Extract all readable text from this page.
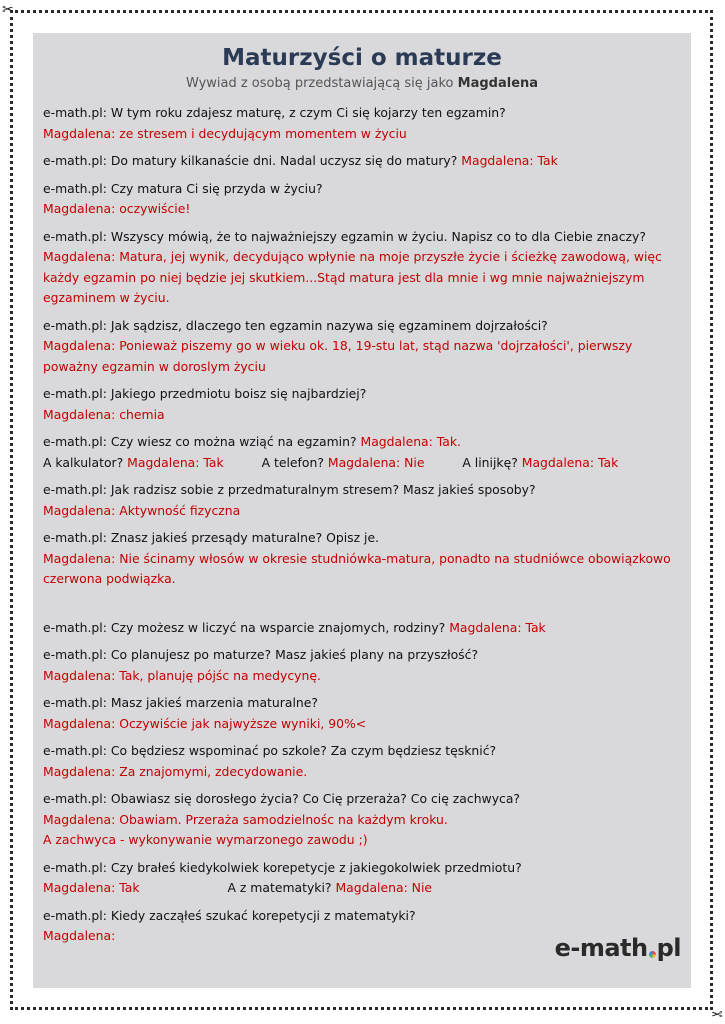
✂
✂
Maturzyści o maturze
Wywiad z osobą przedstawiającą się jako Magdalena
e-math.pl: W tym roku zdajesz maturę, z czym Ci się kojarzy ten egzamin?
Magdalena: ze stresem i decydującym momentem w życiu
e-math.pl: Do matury kilkanaście dni. Nadal uczysz się do matury? Magdalena: Tak
e-math.pl: Czy matura Ci się przyda w życiu?
Magdalena: oczywiście!
e-math.pl: Wszyscy mówią, że to najważniejszy egzamin w życiu. Napisz co to dla Ciebie znaczy?
Magdalena: Matura, jej wynik, decydująco wpłynie na moje przyszłe życie i ścieżkę zawodową, więc każdy egzamin po niej będzie jej skutkiem...Stąd matura jest dla mnie i wg mnie najważniejszym egzaminem w życiu.
e-math.pl: Jak sądzisz, dlaczego ten egzamin nazywa się egzaminem dojrzałości?
Magdalena: Ponieważ piszemy go w wieku ok. 18, 19-stu lat, stąd nazwa 'dojrzałości', pierwszy poważny egzamin w doroslym życiu
e-math.pl: Jakiego przedmiotu boisz się najbardziej?
Magdalena: chemia
e-math.pl: Czy wiesz co można wziąć na egzamin? Magdalena: Tak.
A kalkulator? Magdalena: Tak	A telefon? Magdalena: Nie	A linijkę? Magdalena: Tak
e-math.pl: Jak radzisz sobie z przedmaturalnym stresem? Masz jakieś sposoby?
Magdalena: Aktywność fizyczna
e-math.pl: Znasz jakieś przesądy maturalne? Opisz je.
Magdalena: Nie ścinamy włosów w okresie studniówka-matura, ponadto na studniówce obowiązkowo czerwona podwiązka.
e-math.pl: Czy możesz w liczyć na wsparcie znajomych, rodziny? Magdalena: Tak
e-math.pl: Co planujesz po maturze? Masz jakieś plany na przyszłość?
Magdalena: Tak, planuję pójśc na medycynę.
e-math.pl: Masz jakieś marzenia maturalne?
Magdalena: Oczywiście jak najwyższe wyniki, 90%<
e-math.pl: Co będziesz wspominać po szkole? Za czym będziesz tęsknić?
Magdalena: Za znajomymi, zdecydowanie.
e-math.pl: Obawiasz się dorosłego życia? Co Cię przeraża? Co cię zachwyca?
Magdalena: Obawiam. Przeraża samodzielnośc na każdym kroku.
A zachwyca - wykonywanie wymarzonego zawodu ;)
e-math.pl: Czy brałeś kiedykolwiek korepetycje z jakiegokolwiek przedmiotu?
Magdalena: Tak	A z matematyki? Magdalena: Nie
e-math.pl: Kiedy zacząłeś szukać korepetycji z matematyki?
Magdalena:	e-math pl
